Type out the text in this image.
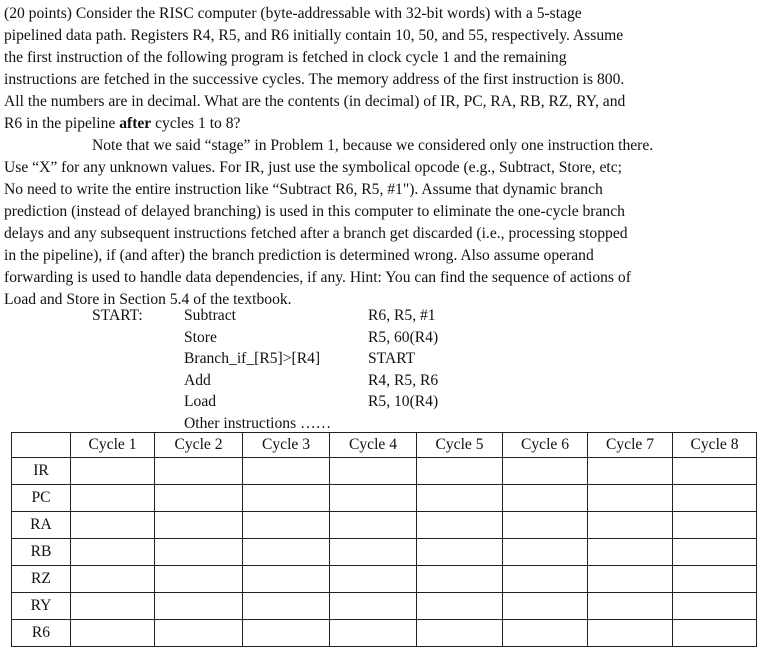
(20 points) Consider the RISC computer (byte-addressable with 32-bit words) with a 5-stage
pipelined data path. Registers R4, R5, and R6 initially contain 10, 50, and 55, respectively. Assume
the first instruction of the following program is fetched in clock cycle 1 and the remaining
instructions are fetched in the successive cycles. The memory address of the first instruction is 800.
All the numbers are in decimal. What are the contents (in decimal) of IR, PC, RA, RB, RZ, RY, and
R6 in the pipeline after cycles 1 to 8?
Note that we said “stage” in Problem 1, because we considered only one instruction there.
Use “X” for any unknown values. For IR, just use the symbolical opcode (e.g., Subtract, Store, etc;
No need to write the entire instruction like “Subtract R6, R5, #1"). Assume that dynamic branch
prediction (instead of delayed branching) is used in this computer to eliminate the one-cycle branch
delays and any subsequent instructions fetched after a branch get discarded (i.e., processing stopped
in the pipeline), if (and after) the branch prediction is determined wrong. Also assume operand
forwarding is used to handle data dependencies, if any. Hint: You can find the sequence of actions of
Load and Store in Section 5.4 of the textbook.
START:	Subtract	R6, R5, #1
Store	R5, 60(R4)
Branch_if_[R5]>[R4]	START
Add	R4, R5, R6
Load	R5, 10(R4)
Other instructions ……
	Cycle 1	Cycle 2	Cycle 3	Cycle 4	Cycle 5	Cycle 6	Cycle 7	Cycle 8
IR								
PC								
RA								
RB								
RZ								
RY								
R6								
